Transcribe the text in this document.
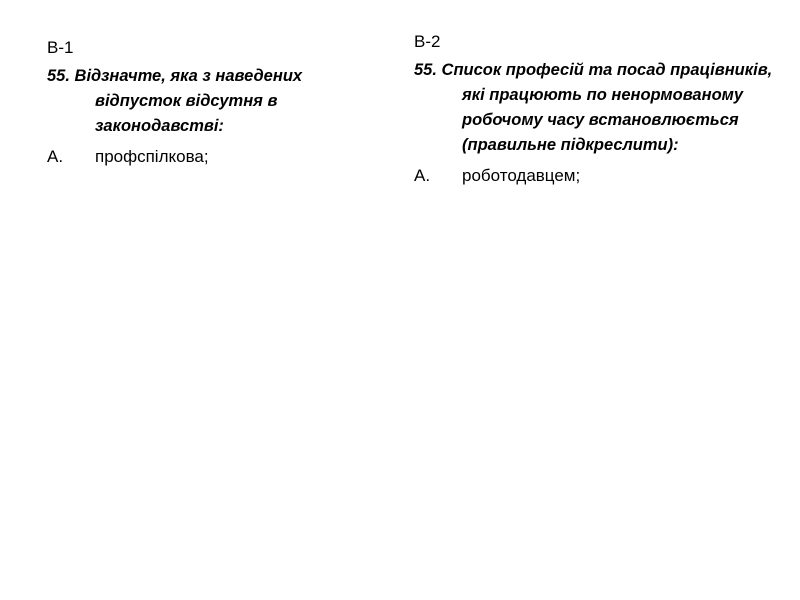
В-1
55. Відзначте, яка з наведених відпусток відсутня в законодавстві:
А.	профспілкова;
В-2
55. Список професій та посад працівників, які працюють по ненормованому робочому часу встановлюється (правильне підкреслити):
А.	роботодавцем;
